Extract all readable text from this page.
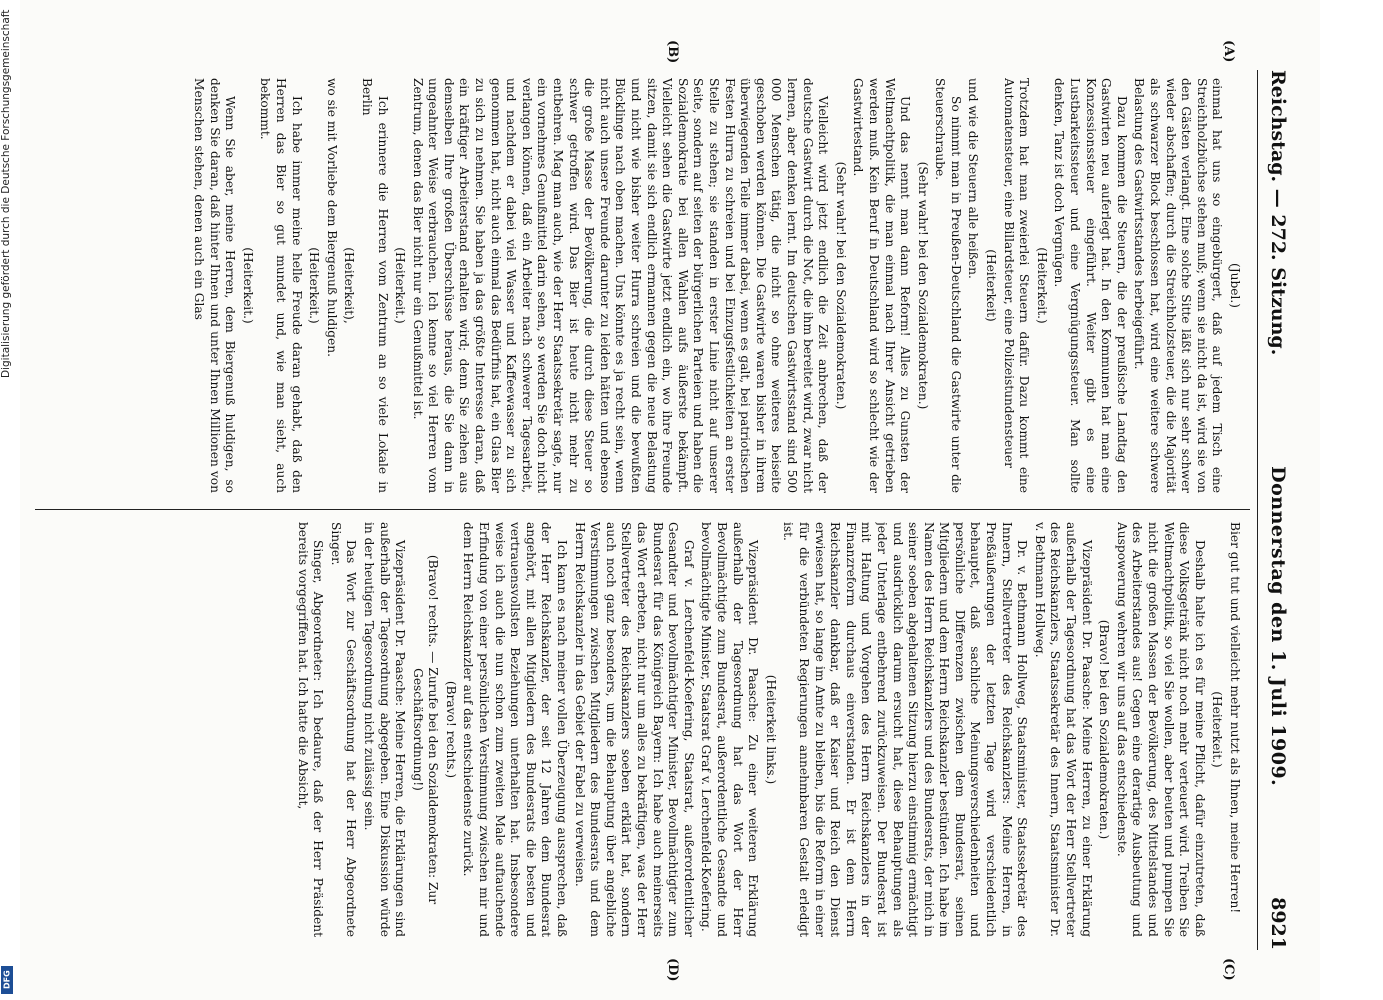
Reichstag. — 272. Sitzung.
Donnerstag den 1. Juli 1909.
8921
(A)
(B)
(C)
(D)

(Jubel.)

einmal hat uns so eingebürgert, daß auf jedem Tisch eine Streichholzbüchse stehen muß; wenn sie nicht da ist, wird sie von den Gästen verlangt. Eine solche Sitte läßt sich nur sehr schwer wieder abschaffen; durch die Streichholzsteuer, die die Majorität als schwarzer Block beschlossen hat, wird eine weitere schwere Belastung des Gastwirtsstandes herbeigeführt.

Dazu kommen die Steuern, die der preußische Landtag den Gastwirten neu auferlegt hat. In den Kommunen hat man eine Konzessionssteuer eingeführt. Weiter gibt es eine Lustbarkeitssteuer und eine Vergnügungssteuer. Man sollte denken, Tanz ist doch Vergnügen.

(Heiterkeit.)

Trotzdem hat man zweierlei Steuern dafür. Dazu kommt eine Automatensteuer, eine Billardsteuer, eine Polizeistundensteuer

(Heiterkeit)

und wie die Steuern alle heißen.

So nimmt man in Preußen-Deutschland die Gastwirte unter die Steuerschraube.

(Sehr wahr! bei den Sozialdemokraten.)

Und das nennt man dann Reform! Alles zu Gunsten der Weltmachtpolitik, die man einmal nach Ihrer Ansicht getrieben werden muß. Kein Beruf in Deutschland wird so schlecht wie der Gastwirtestand.

(Sehr wahr! bei den Sozialdemokraten.)

Vielleicht wird jetzt endlich die Zeit anbrechen, daß der deutsche Gastwirt durch die Not, die ihm bereitet wird, zwar nicht lernen, aber denken lernt. Im deutschen Gastwirtsstand sind 500 000 Menschen tätig, die nicht so ohne weiteres beiseite geschoben werden können. Die Gastwirte waren bisher in ihrem überwiegenden Teile immer dabei, wenn es galt, bei patriotischen Festen Hurra zu schreien und bei Einzugsfestlichkeiten an erster Stelle zu stehen; sie standen in erster Linie nicht auf unserer Seite, sondern auf seiten der bürgerlichen Parteien und haben die Sozialdemokratie bei allen Wahlen aufs äußerste bekämpft. Vielleicht sehen die Gastwirte jetzt endlich ein, wo ihre Freunde sitzen, damit sie sich endlich ermannen gegen die neue Belastung und nicht wie bisher weiter Hurra schreien und die bewußten Bücklinge nach oben machen. Uns könnte es ja recht sein, wenn nicht auch unsere Freunde darunter zu leiden hätten und ebenso die große Masse der Bevölkerung, die durch diese Steuer so schwer getroffen wird. Das Bier ist heute nicht mehr zu entbehren. Mag man auch, wie der Herr Staatssekretär sagte, nur ein vornehmes Genußmittel darin sehen, so werden Sie doch nicht verlangen können, daß ein Arbeiter nach schwerer Tagesarbeit, und nachdem er dabei viel Wasser und Kaffeewasser zu sich genommen hat, nicht auch einmal das Bedürfnis hat, ein Glas Bier zu sich zu nehmen. Sie haben ja das größte Interesse daran, daß ein kräftiger Arbeiterstand erhalten wird; denn Sie ziehen aus demselben Ihre großen Überschüsse heraus, die Sie dann in ungeahnter Weise verbrauchen. Ich kenne so viel Herren vom Zentrum, denen das Bier nicht nur ein Genußmittel ist.

(Heiterkeit.)

Ich erinnere die Herren vom Zentrum an so viele Lokale in Berlin

(Heiterkeit),

wo sie mit Vorliebe dem Biergenuß huldigen.

(Heiterkeit.)

Ich habe immer meine helle Freude daran gehabt, daß den Herren das Bier so gut mundet und, wie man sieht, auch bekommt.

(Heiterkeit.)

Wenn Sie aber, meine Herren, dem Biergenuß huldigen, so denken Sie daran, daß hinter Ihnen und unter Ihnen Millionen von Menschen stehen, denen auch ein Glas

Bier gut tut und vielleicht mehr nutzt als Ihnen, meine Herren!

(Heiterkeit.)

Deshalb halte ich es für meine Pflicht, dafür einzutreten, daß diese Volksgetränk nicht noch mehr verteuert wird. Treiben Sie Weltmachtpolitik, so viel Sie wollen, aber beuten und pumpen Sie nicht die großen Massen der Bevölkerung, des Mittelstandes und des Arbeiterstandes aus! Gegen eine derartige Ausbeutung und Auspowerung wehren wir uns auf das entschiedenste.

(Bravo! bei den Sozialdemokraten.)

Vizepräsident Dr. Paasche: Meine Herren, zu einer Erklärung außerhalb der Tagesordnung hat das Wort der Herr Stellvertreter des Reichskanzlers, Staatssekretär des Innern, Staatsminister Dr. v. Bethmann Hollweg.

Dr. v. Bethmann Hollweg, Staatsminister, Staatssekretär des Innern, Stellvertreter des Reichskanzlers: Meine Herren, in Preßäußerungen der letzten Tage wird verschiedentlich behauptet, daß sachliche Meinungsverschiedenheiten und persönliche Differenzen zwischen dem Bundesrat, seinen Mitgliedern und dem Herrn Reichskanzler bestünden. Ich habe im Namen des Herrn Reichskanzlers und des Bundesrats, der mich in seiner soeben abgehaltenen Sitzung hierzu einstimmig ermächtigt und ausdrücklich darum ersucht hat, diese Behauptungen als jeder Unterlage entbehrend zurückzuweisen. Der Bundesrat ist mit Haltung und Vorgehen des Herrn Reichskanzlers in der Finanzreform durchaus einverstanden. Er ist dem Herrn Reichskanzler dankbar, daß er Kaiser und Reich den Dienst erwiesen hat, so lange im Amte zu bleiben, bis die Reform in einer für die verbündeten Regierungen annehmbaren Gestalt erledigt ist.

(Heiterkeit links.)

Vizepräsident Dr. Paasche: Zu einer weiteren Erklärung außerhalb der Tagesordnung hat das Wort der Herr Bevollmächtigte zum Bundesrat, außerordentliche Gesandte und bevollmächtigte Minister, Staatsrat Graf v. Lerchenfeld-Koefering.

Graf v. Lerchenfeld-Koefering, Staatsrat, außerordentlicher Gesandter und bevollmächtigter Minister, Bevollmächtigter zum Bundesrat für das Königreich Bayern: Ich habe auch meinerseits das Wort erbeten, nicht nur um alles zu bekräftigen, was der Herr Stellvertreter des Reichskanzlers soeben erklärt hat, sondern auch noch ganz besonders, um die Behauptung über angebliche Verstimmungen zwischen Mitgliedern des Bundesrats und dem Herrn Reichskanzler in das Gebiet der Fabel zu verweisen.

Ich kann es nach meiner vollen Überzeugung aussprechen, daß der Herr Reichskanzler, der seit 12 Jahren dem Bundesrat angehört, mit allen Mitgliedern des Bundesrats die besten und vertrauensvollsten Beziehungen unterhalten hat. Insbesondere weise ich auch die nun schon zum zweiten Male auftauchende Erfindung von einer persönlichen Verstimmung zwischen mir und dem Herrn Reichskanzler auf das entschiedenste zurück.

(Bravo! rechts.)

(Bravo! rechts. — Zurufe bei den Sozialdemokraten: Zur Geschäftsordnung!)

Vizepräsident Dr. Paasche: Meine Herren, die Erklärungen sind außerhalb der Tagesordnung abgegeben. Eine Diskussion würde in der heutigen Tagesordnung nicht zulässig sein.

Das Wort zur Geschäftsordnung hat der Herr Abgeordnete Singer.

Singer, Abgeordneter: Ich bedaure, daß der Herr Präsident bereits vorgegriffen hat. Ich hatte die Absicht,

Digitalisierung gefördert durch die Deutsche Forschungsgemeinschaft
DFG
